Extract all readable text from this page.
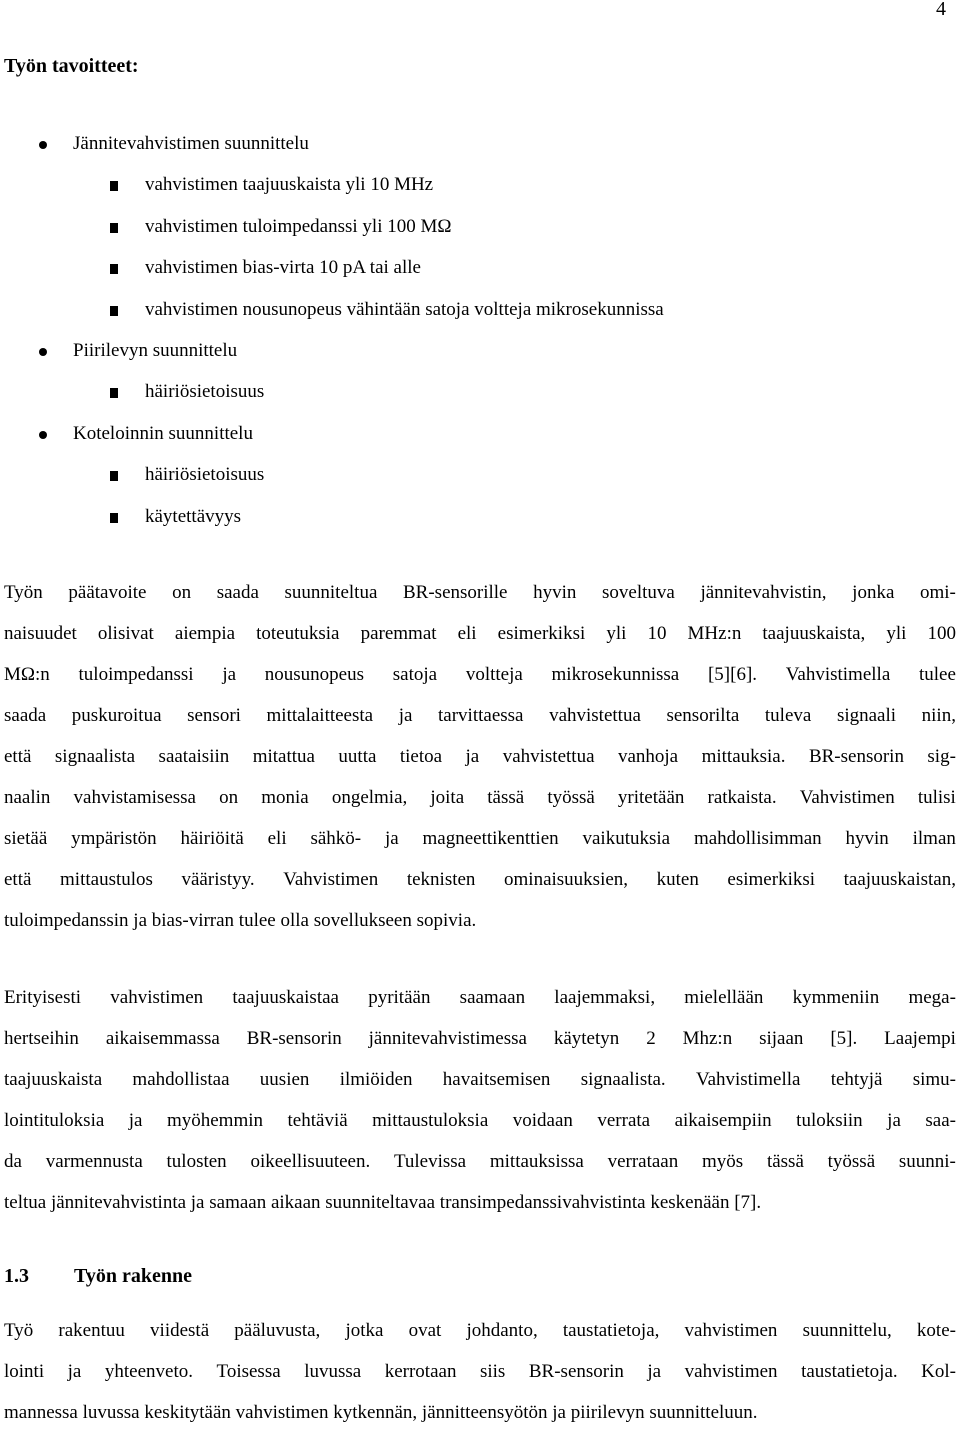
4
Työn tavoitteet:
Jännitevahvistimen suunnittelu
vahvistimen taajuuskaista yli 10 MHz
vahvistimen tuloimpedanssi yli 100 MΩ
vahvistimen bias-virta 10 pA tai alle
vahvistimen nousunopeus vähintään satoja voltteja mikrosekunnissa
Piirilevyn suunnittelu
häiriösietoisuus
Koteloinnin suunnittelu
häiriösietoisuus
käytettävyys
Työn päätavoite on saada suunniteltua BR-sensorille hyvin soveltuva jännitevahvistin, jonka omi-
naisuudet olisivat aiempia toteutuksia paremmat eli esimerkiksi yli 10 MHz:n taajuuskaista, yli 100
MΩ:n tuloimpedanssi ja nousunopeus satoja voltteja mikrosekunnissa [5][6]. Vahvistimella tulee
saada puskuroitua sensori mittalaitteesta ja tarvittaessa vahvistettua sensorilta tuleva signaali niin,
että signaalista saataisiin mitattua uutta tietoa ja vahvistettua vanhoja mittauksia. BR-sensorin sig-
naalin vahvistamisessa on monia ongelmia, joita tässä työssä yritetään ratkaista. Vahvistimen tulisi
sietää ympäristön häiriöitä eli sähkö- ja magneettikenttien vaikutuksia mahdollisimman hyvin ilman
että mittaustulos vääristyy. Vahvistimen teknisten ominaisuuksien, kuten esimerkiksi taajuuskaistan,
tuloimpedanssin ja bias-virran tulee olla sovellukseen sopivia.
Erityisesti vahvistimen taajuuskaistaa pyritään saamaan laajemmaksi, mielellään kymmeniin mega-
hertseihin aikaisemmassa BR-sensorin jännitevahvistimessa käytetyn 2 Mhz:n sijaan [5]. Laajempi
taajuuskaista mahdollistaa uusien ilmiöiden havaitsemisen signaalista. Vahvistimella tehtyjä simu-
lointituloksia ja myöhemmin tehtäviä mittaustuloksia voidaan verrata aikaisempiin tuloksiin ja saa-
da varmennusta tulosten oikeellisuuteen. Tulevissa mittauksissa verrataan myös tässä työssä suunni-
teltua jännitevahvistinta ja samaan aikaan suunniteltavaa transimpedanssivahvistinta keskenään [7].
1.3 Työn rakenne
Työ rakentuu viidestä pääluvusta, jotka ovat johdanto, taustatietoja, vahvistimen suunnittelu, kote-
lointi ja yhteenveto. Toisessa luvussa kerrotaan siis BR-sensorin ja vahvistimen taustatietoja. Kol-
mannessa luvussa keskitytään vahvistimen kytkennän, jännitteensyötön ja piirilevyn suunnitteluun.
